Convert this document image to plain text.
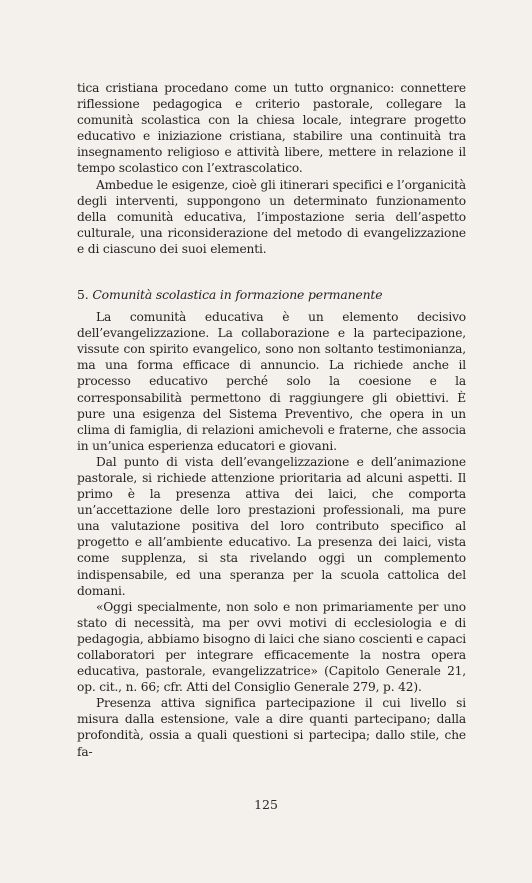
tica cristiana procedano come un tutto orgnanico: connettere riflessione pedagogica e criterio pastorale, collegare la comunità scolastica con la chiesa locale, integrare progetto educativo e iniziazione cristiana, stabilire una continuità tra insegnamento religioso e attività libere, mettere in relazione il tempo scolastico con l’extrascolatico.

Ambedue le esigenze, cioè gli itinerari specifici e l’organicità degli interventi, suppongono un determinato funzionamento della comunità educativa, l’impostazione seria dell’aspetto culturale, una riconsiderazione del metodo di evangelizzazione e di ciascuno dei suoi elementi.

5. Comunità scolastica in formazione permanente

La comunità educativa è un elemento decisivo dell’evangelizzazione. La collaborazione e la partecipazione, vissute con spirito evangelico, sono non soltanto testimonianza, ma una forma efficace di annuncio. La richiede anche il processo educativo perché solo la coesione e la corresponsabilità permettono di raggiungere gli obiettivi. È pure una esigenza del Sistema Preventivo, che opera in un clima di famiglia, di relazioni amichevoli e fraterne, che associa in un’unica esperienza educatori e giovani.

Dal punto di vista dell’evangelizzazione e dell’animazione pastorale, si richiede attenzione prioritaria ad alcuni aspetti. Il primo è la presenza attiva dei laici, che comporta un’accettazione delle loro prestazioni professionali, ma pure una valutazione positiva del loro contributo specifico al progetto e all’ambiente educativo. La presenza dei laici, vista come supplenza, si sta rivelando oggi un complemento indispensabile, ed una speranza per la scuola cattolica del domani.

«Oggi specialmente, non solo e non primariamente per uno stato di necessità, ma per ovvi motivi di ecclesiologia e di pedagogia, abbiamo bisogno di laici che siano coscienti e capaci collaboratori per integrare efficacemente la nostra opera educativa, pastorale, evangelizzatrice» (Capitolo Generale 21, op. cit., n. 66; cfr. Atti del Consiglio Generale 279, p. 42).

Presenza attiva significa partecipazione il cui livello si misura dalla estensione, vale a dire quanti partecipano; dalla profondità, ossia a quali questioni si partecipa; dallo stile, che fa-

125
